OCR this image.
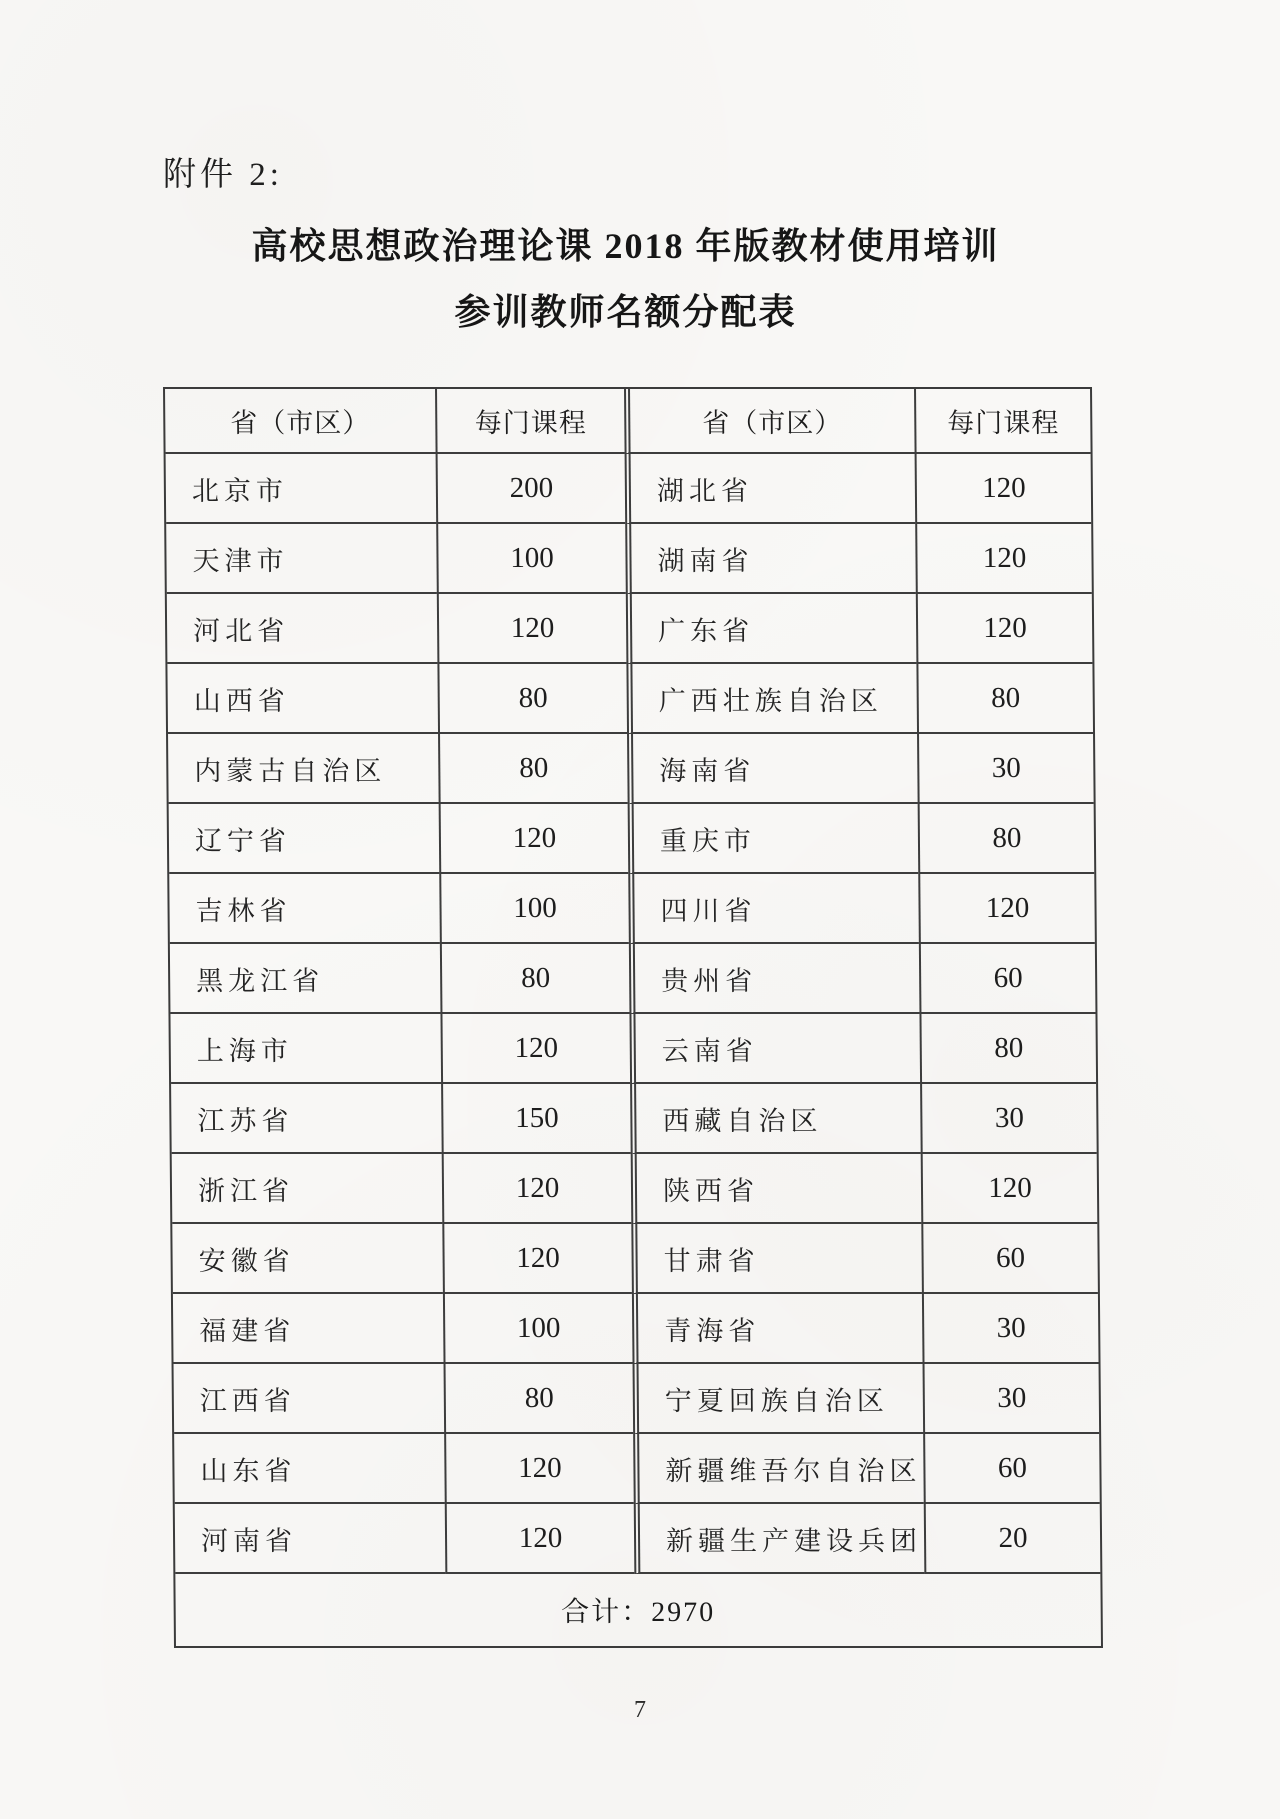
附件 2:
高校思想政治理论课 2018 年版教材使用培训
参训教师名额分配表
省（市区）	每门课程	省（市区）	每门课程
北京市	200	湖北省	120
天津市	100	湖南省	120
河北省	120	广东省	120
山西省	80	广西壮族自治区	80
内蒙古自治区	80	海南省	30
辽宁省	120	重庆市	80
吉林省	100	四川省	120
黑龙江省	80	贵州省	60
上海市	120	云南省	80
江苏省	150	西藏自治区	30
浙江省	120	陕西省	120
安徽省	120	甘肃省	60
福建省	100	青海省	30
江西省	80	宁夏回族自治区	30
山东省	120	新疆维吾尔自治区	60
河南省	120	新疆生产建设兵团	20
合计：2970
7
